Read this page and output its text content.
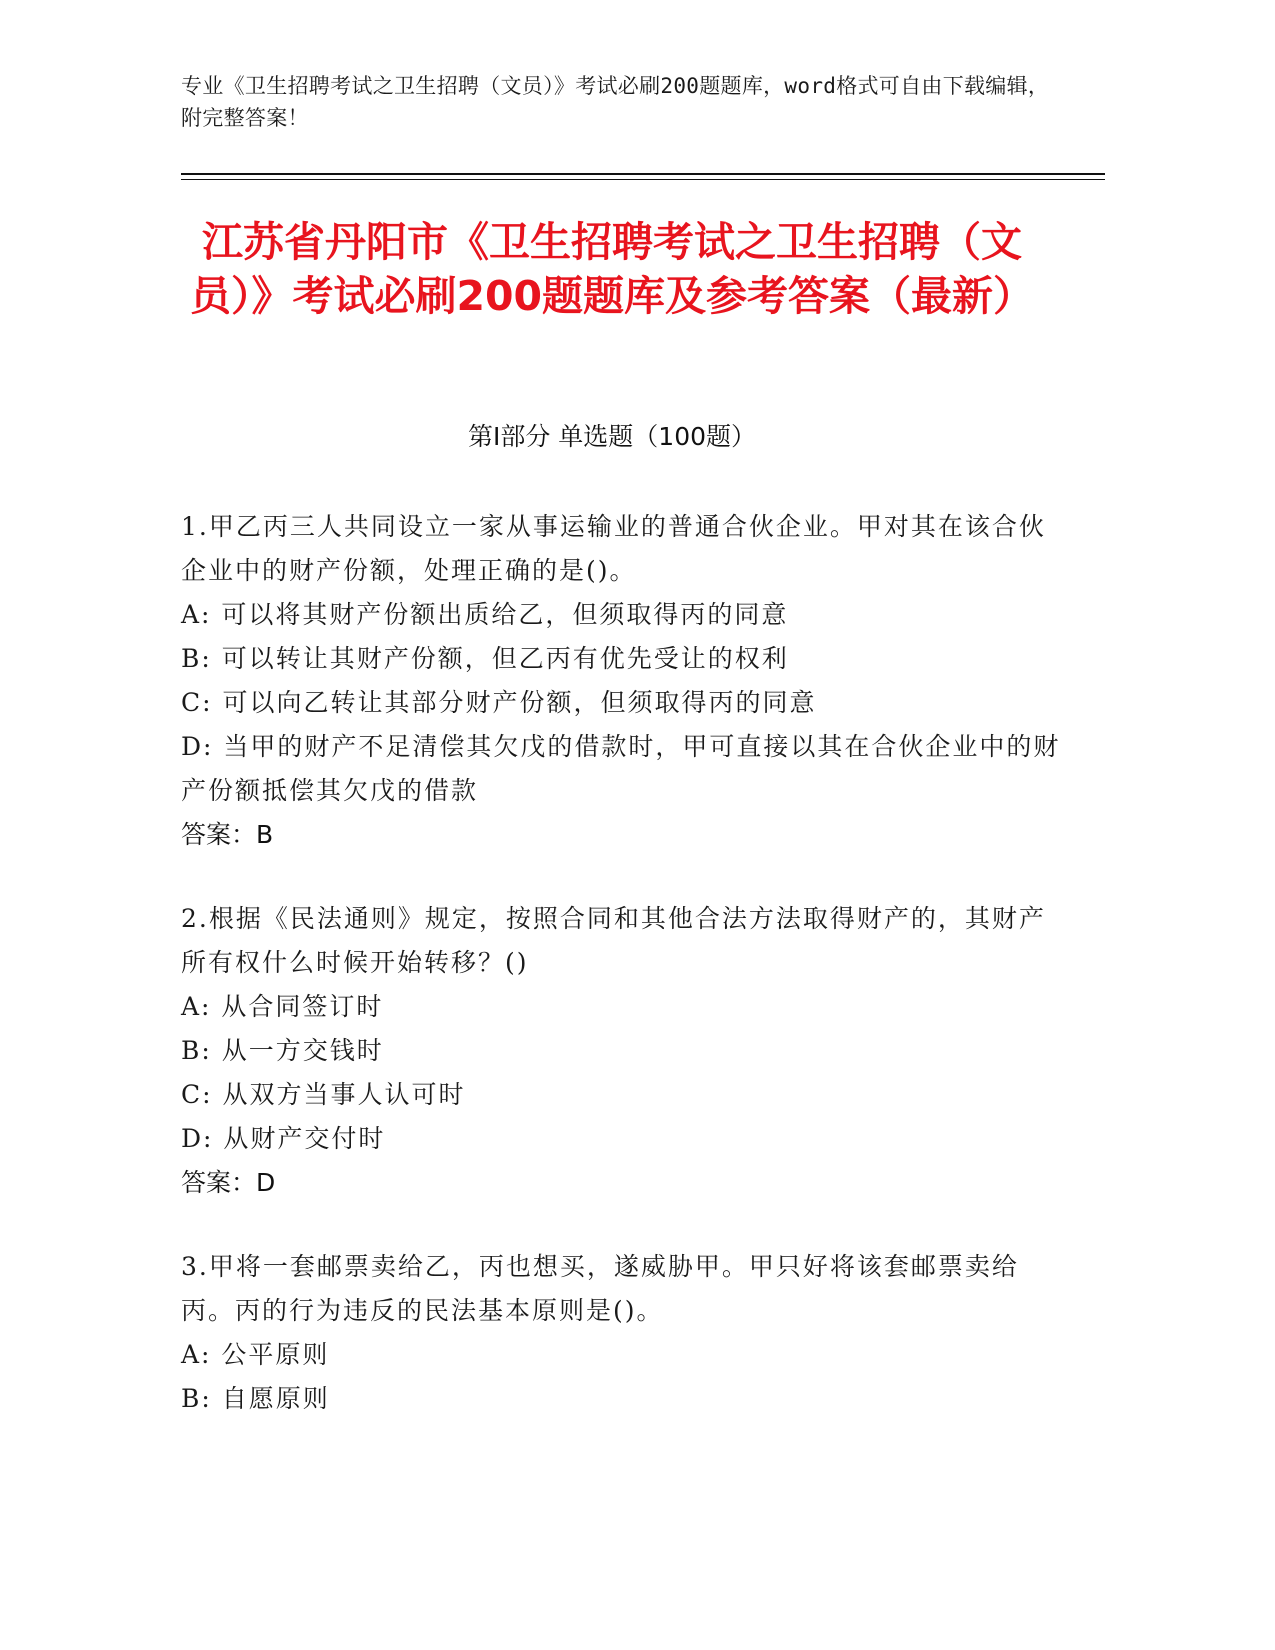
专业《卫生招聘考试之卫生招聘（文员）》考试必刷200题题库，word格式可自由下载编辑，附完整答案！
江苏省丹阳市《卫生招聘考试之卫生招聘（文员）》考试必刷200题题库及参考答案（最新）
第Ⅰ部分 单选题（100题）
1.甲乙丙三人共同设立一家从事运输业的普通合伙企业。甲对其在该合伙企业中的财产份额，处理正确的是()。
A: 可以将其财产份额出质给乙，但须取得丙的同意
B: 可以转让其财产份额，但乙丙有优先受让的权利
C: 可以向乙转让其部分财产份额，但须取得丙的同意
D: 当甲的财产不足清偿其欠戊的借款时，甲可直接以其在合伙企业中的财产份额抵偿其欠戊的借款
答案：B
2.根据《民法通则》规定，按照合同和其他合法方法取得财产的，其财产所有权什么时候开始转移？()
A: 从合同签订时
B: 从一方交钱时
C: 从双方当事人认可时
D: 从财产交付时
答案：D
3.甲将一套邮票卖给乙，丙也想买，遂威胁甲。甲只好将该套邮票卖给丙。丙的行为违反的民法基本原则是()。
A: 公平原则
B: 自愿原则
